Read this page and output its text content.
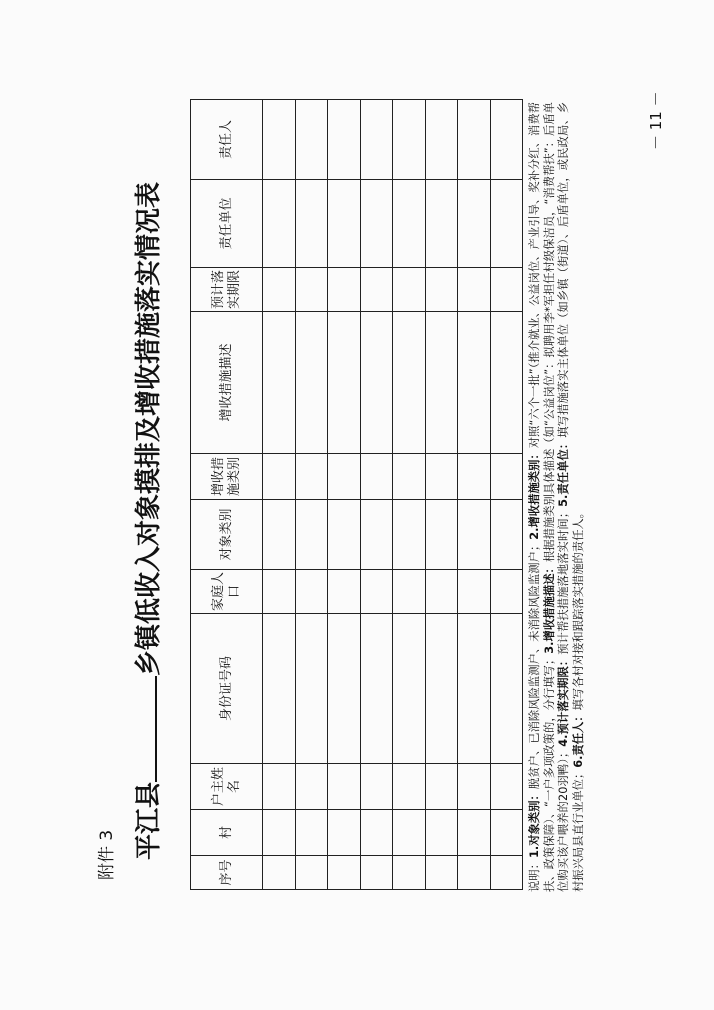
附件 3 平江县乡镇低收入对象摸排及增收措施落实情况表
序号	村	户主姓名	身份证号码	家庭人口	对象类别	增收措施类别	增收措施描述	预计落实期限	责任单位	责任人

说明：1.对象类别：脱贫户、已消除风险监测户、未消除风险监测户；2.增收措施类别：对照“六个一批”（推介就业、公益岗位、产业引导、奖补分红、消费帮扶、政策保障）、“一户多项政策的，分行填写；3.增收措施描述：根据措施类别具体描述（如“公益岗位”：拟聘用李*军担任村级保洁员，“消费帮扶”：后盾单位购买该户喂养的20羽鸭）；4.预计落实期限：预计帮扶措施落地落实时间；5.责任单位：填写措施落实主体单位（如乡镇（街道）、后盾单位，或民政局、乡村振兴局县直行业单位；6.责任人：填写各村对接和跟踪落实措施的责任人。
－ 11 －
